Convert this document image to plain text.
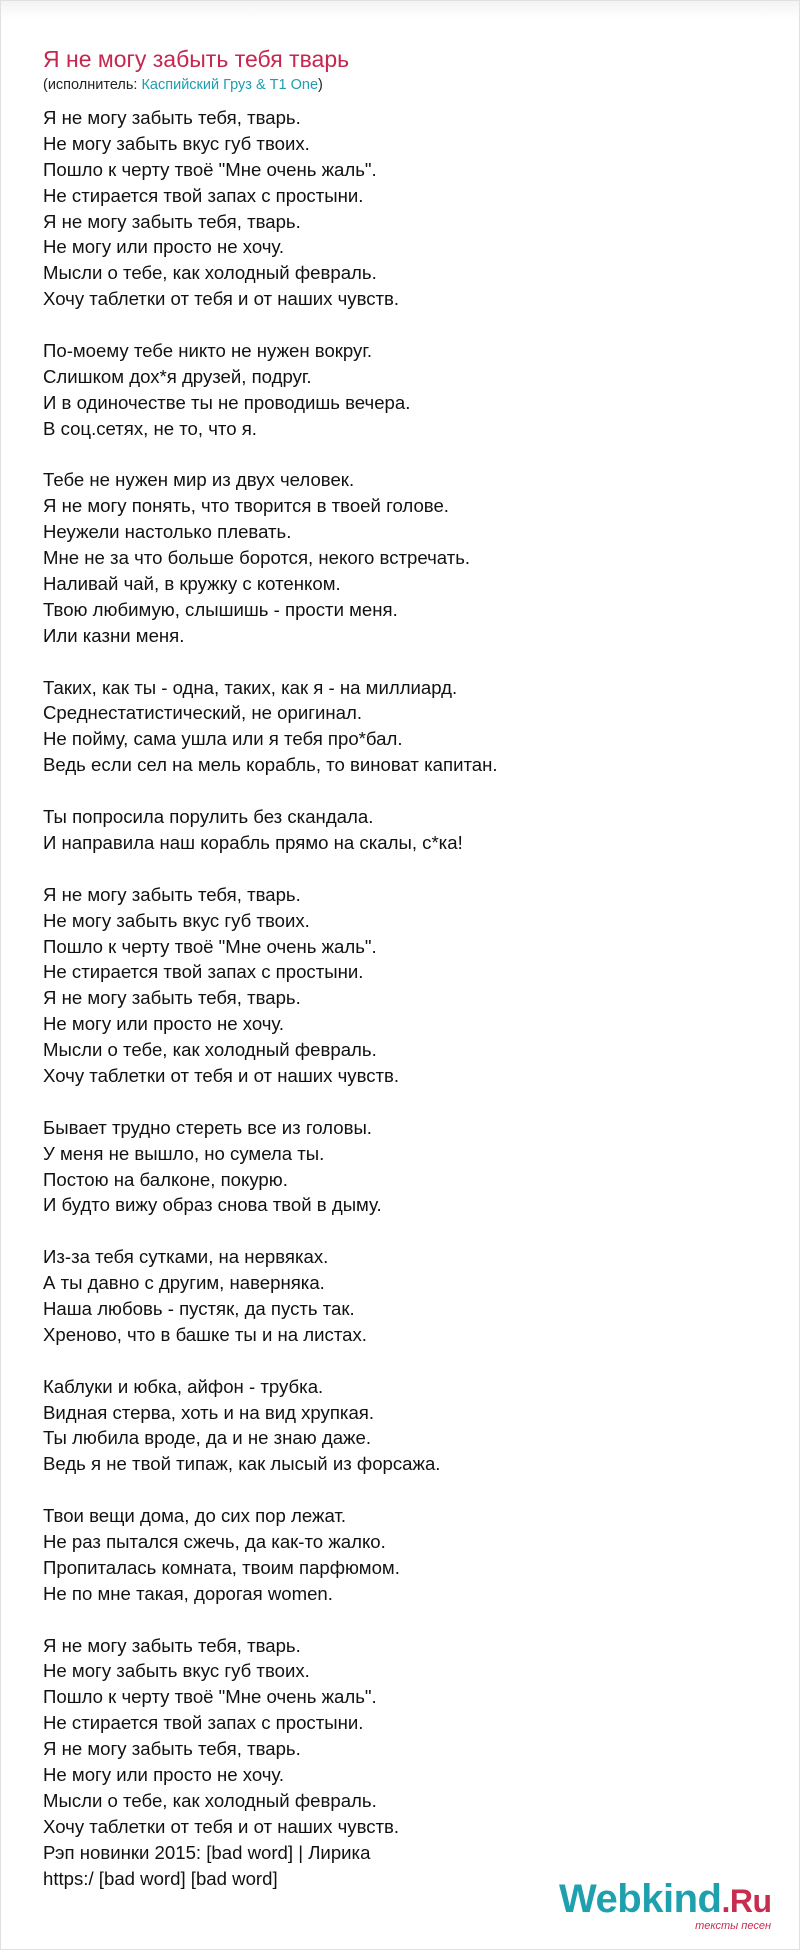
Я не могу забыть тебя тварь
(исполнитель: Каспийский Груз & T1 One)
Я не могу забыть тебя, тварь.
Не могу забыть вкус губ твоих.
Пошло к черту твоё "Мне очень жаль".
Не стирается твой запах с простыни.
Я не могу забыть тебя, тварь.
Не могу или просто не хочу.
Мысли о тебе, как холодный февраль.
Хочу таблетки от тебя и от наших чувств.
По-моему тебе никто не нужен вокруг.
Слишком дох*я друзей, подруг.
И в одиночестве ты не проводишь вечера.
В соц.сетях, не то, что я.
Тебе не нужен мир из двух человек.
Я не могу понять, что творится в твоей голове.
Неужели настолько плевать.
Мне не за что больше боротся, некого встречать.
Наливай чай, в кружку с котенком.
Твою любимую, слышишь - прости меня.
Или казни меня.
Таких, как ты - одна, таких, как я - на миллиард.
Среднестатистический, не оригинал.
Не пойму, сама ушла или я тебя про*бал.
Ведь если сел на мель корабль, то виноват капитан.
Ты попросила порулить без скандала.
И направила наш корабль прямо на скалы, с*ка!
Я не могу забыть тебя, тварь.
Не могу забыть вкус губ твоих.
Пошло к черту твоё "Мне очень жаль".
Не стирается твой запах с простыни.
Я не могу забыть тебя, тварь.
Не могу или просто не хочу.
Мысли о тебе, как холодный февраль.
Хочу таблетки от тебя и от наших чувств.
Бывает трудно стереть все из головы.
У меня не вышло, но сумела ты.
Постою на балконе, покурю.
И будто вижу образ снова твой в дыму.
Из-за тебя сутками, на нервяках.
А ты давно с другим, наверняка.
Наша любовь - пустяк, да пусть так.
Хреново, что в башке ты и на листах.
Каблуки и юбка, айфон - трубка.
Видная стерва, хоть и на вид хрупкая.
Ты любила вроде, да и не знаю даже.
Ведь я не твой типаж, как лысый из форсажа.
Твои вещи дома, до сих пор лежат.
Не раз пытался сжечь, да как-то жалко.
Пропиталась комната, твоим парфюмом.
Не по мне такая, дорогая women.
Я не могу забыть тебя, тварь.
Не могу забыть вкус губ твоих.
Пошло к черту твоё "Мне очень жаль".
Не стирается твой запах с простыни.
Я не могу забыть тебя, тварь.
Не могу или просто не хочу.
Мысли о тебе, как холодный февраль.
Хочу таблетки от тебя и от наших чувств.
Рэп новинки 2015: [bad word] | Лирика
https:/ [bad word] [bad word]	Webkind.Ru
тексты песен
